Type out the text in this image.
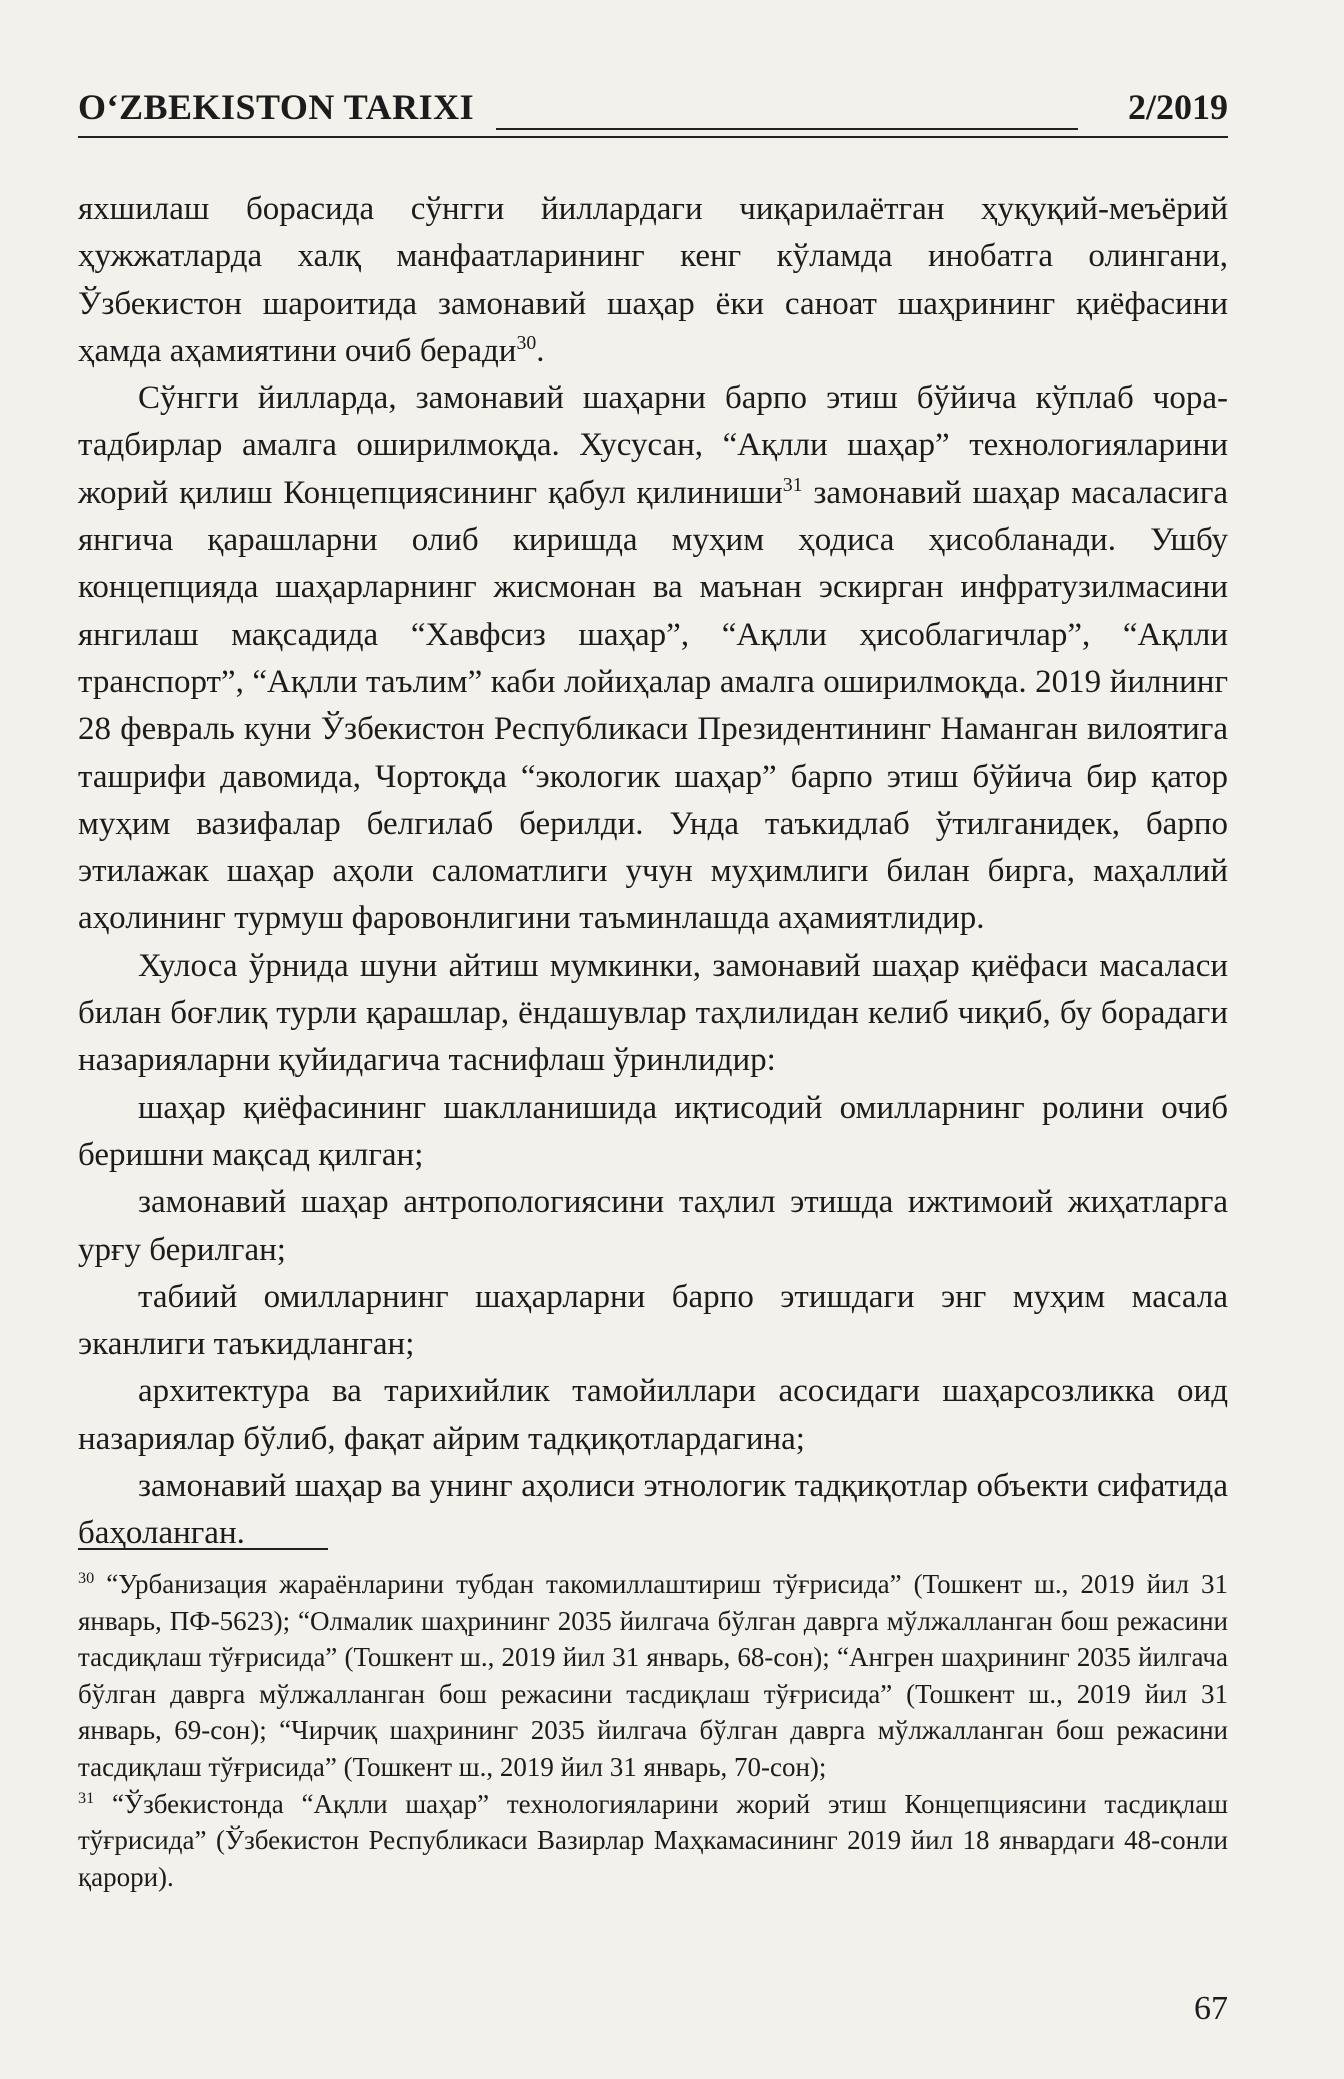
O‘ZBEKISTON TARIXI	2/2019

яхшилаш борасида сўнгги йиллардаги чиқарилаётган ҳуқуқий-меъёрий ҳужжатларда халқ манфаатларининг кенг кўламда инобатга олингани, Ўзбекистон шароитида замонавий шаҳар ёки саноат шаҳрининг қиёфасини ҳамда аҳамиятини очиб беради$^{30}$.

Сўнгги йилларда, замонавий шаҳарни барпо этиш бўйича кўплаб чора-тадбирлар амалга оширилмоқда. Хусусан, “Ақлли шаҳар” технологияларини жорий қилиш Концепциясининг қабул қилиниши$^{31}$ замонавий шаҳар масаласига янгича қарашларни олиб киришда муҳим ҳодиса ҳисобланади. Ушбу концепцияда шаҳарларнинг жисмонан ва маънан эскирган инфратузилмасини янгилаш мақсадида “Хавфсиз шаҳар”, “Ақлли ҳисоблагичлар”, “Ақлли транспорт”, “Ақлли таълим” каби лойиҳалар амалга оширилмоқда. 2019 йилнинг 28 февраль куни Ўзбекистон Республикаси Президентининг Наманган вилоятига ташрифи давомида, Чортоқда “экологик шаҳар” барпо этиш бўйича бир қатор муҳим вазифалар белгилаб берилди. Унда таъкидлаб ўтилганидек, барпо этилажак шаҳар аҳоли саломатлиги учун муҳимлиги билан бирга, маҳаллий аҳолининг турмуш фаровонлигини таъминлашда аҳамиятлидир.

Хулоса ўрнида шуни айтиш мумкинки, замонавий шаҳар қиёфаси масаласи билан боғлиқ турли қарашлар, ёндашувлар таҳлилидан келиб чиқиб, бу борадаги назарияларни қуйидагича таснифлаш ўринлидир:

шаҳар қиёфасининг шаклланишида иқтисодий омилларнинг ролини очиб беришни мақсад қилган;

замонавий шаҳар антропологиясини таҳлил этишда ижтимоий жиҳатларга урғу берилган;

табиий омилларнинг шаҳарларни барпо этишдаги энг муҳим масала эканлиги таъкидланган;

архитектура ва тарихийлик тамойиллари асосидаги шаҳарсозликка оид назариялар бўлиб, фақат айрим тадқиқотлардагина;

замонавий шаҳар ва унинг аҳолиси этнологик тадқиқотлар объекти сифатида баҳоланган.

$^{30}$ “Урбанизация жараёнларини тубдан такомиллаштириш тўғрисида” (Тошкент ш., 2019 йил 31 январь, ПФ-5623); “Олмалик шаҳрининг 2035 йилгача бўлган даврга мўлжалланган бош режасини тасдиқлаш тўғрисида” (Тошкент ш., 2019 йил 31 январь, 68-сон); “Ангрен шаҳрининг 2035 йилгача бўлган даврга мўлжалланган бош режасини тасдиқлаш тўғрисида” (Тошкент ш., 2019 йил 31 январь, 69-сон); “Чирчиқ шаҳрининг 2035 йилгача бўлган даврга мўлжалланган бош режасини тасдиқлаш тўғрисида” (Тошкент ш., 2019 йил 31 январь, 70-сон);

$^{31}$ “Ўзбекистонда “Ақлли шаҳар” технологияларини жорий этиш Концепциясини тасдиқлаш тўғрисида” (Ўзбекистон Республикаси Вазирлар Маҳкамасининг 2019 йил 18 январдаги 48-сонли қарори).

67
